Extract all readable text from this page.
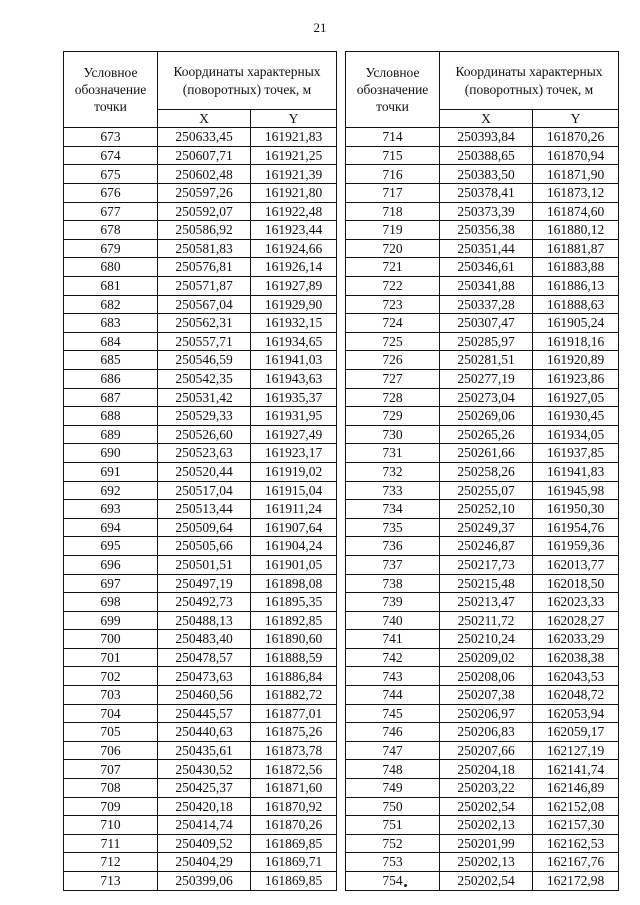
21
Условное обозначение точки	Координаты характерных (поворотных) точек, м	
	X	Y
673	250633,45	161921,83
674	250607,71	161921,25
675	250602,48	161921,39
676	250597,26	161921,80
677	250592,07	161922,48
678	250586,92	161923,44
679	250581,83	161924,66
680	250576,81	161926,14
681	250571,87	161927,89
682	250567,04	161929,90
683	250562,31	161932,15
684	250557,71	161934,65
685	250546,59	161941,03
686	250542,35	161943,63
687	250531,42	161935,37
688	250529,33	161931,95
689	250526,60	161927,49
690	250523,63	161923,17
691	250520,44	161919,02
692	250517,04	161915,04
693	250513,44	161911,24
694	250509,64	161907,64
695	250505,66	161904,24
696	250501,51	161901,05
697	250497,19	161898,08
698	250492,73	161895,35
699	250488,13	161892,85
700	250483,40	161890,60
701	250478,57	161888,59
702	250473,63	161886,84
703	250460,56	161882,72
704	250445,57	161877,01
705	250440,63	161875,26
706	250435,61	161873,78
707	250430,52	161872,56
708	250425,37	161871,60
709	250420,18	161870,92
710	250414,74	161870,26
711	250409,52	161869,85
712	250404,29	161869,71
713	250399,06	161869,85
Условное обозначение точки	Координаты характерных (поворотных) точек, м	
	X	Y
714	250393,84	161870,26
715	250388,65	161870,94
716	250383,50	161871,90
717	250378,41	161873,12
718	250373,39	161874,60
719	250356,38	161880,12
720	250351,44	161881,87
721	250346,61	161883,88
722	250341,88	161886,13
723	250337,28	161888,63
724	250307,47	161905,24
725	250285,97	161918,16
726	250281,51	161920,89
727	250277,19	161923,86
728	250273,04	161927,05
729	250269,06	161930,45
730	250265,26	161934,05
731	250261,66	161937,85
732	250258,26	161941,83
733	250255,07	161945,98
734	250252,10	161950,30
735	250249,37	161954,76
736	250246,87	161959,36
737	250217,73	162013,77
738	250215,48	162018,50
739	250213,47	162023,33
740	250211,72	162028,27
741	250210,24	162033,29
742	250209,02	162038,38
743	250208,06	162043,53
744	250207,38	162048,72
745	250206,97	162053,94
746	250206,83	162059,17
747	250207,66	162127,19
748	250204,18	162141,74
749	250203,22	162146,89
750	250202,54	162152,08
751	250202,13	162157,30
752	250201,99	162162,53
753	250202,13	162167,76
754	250202,54	162172,98
